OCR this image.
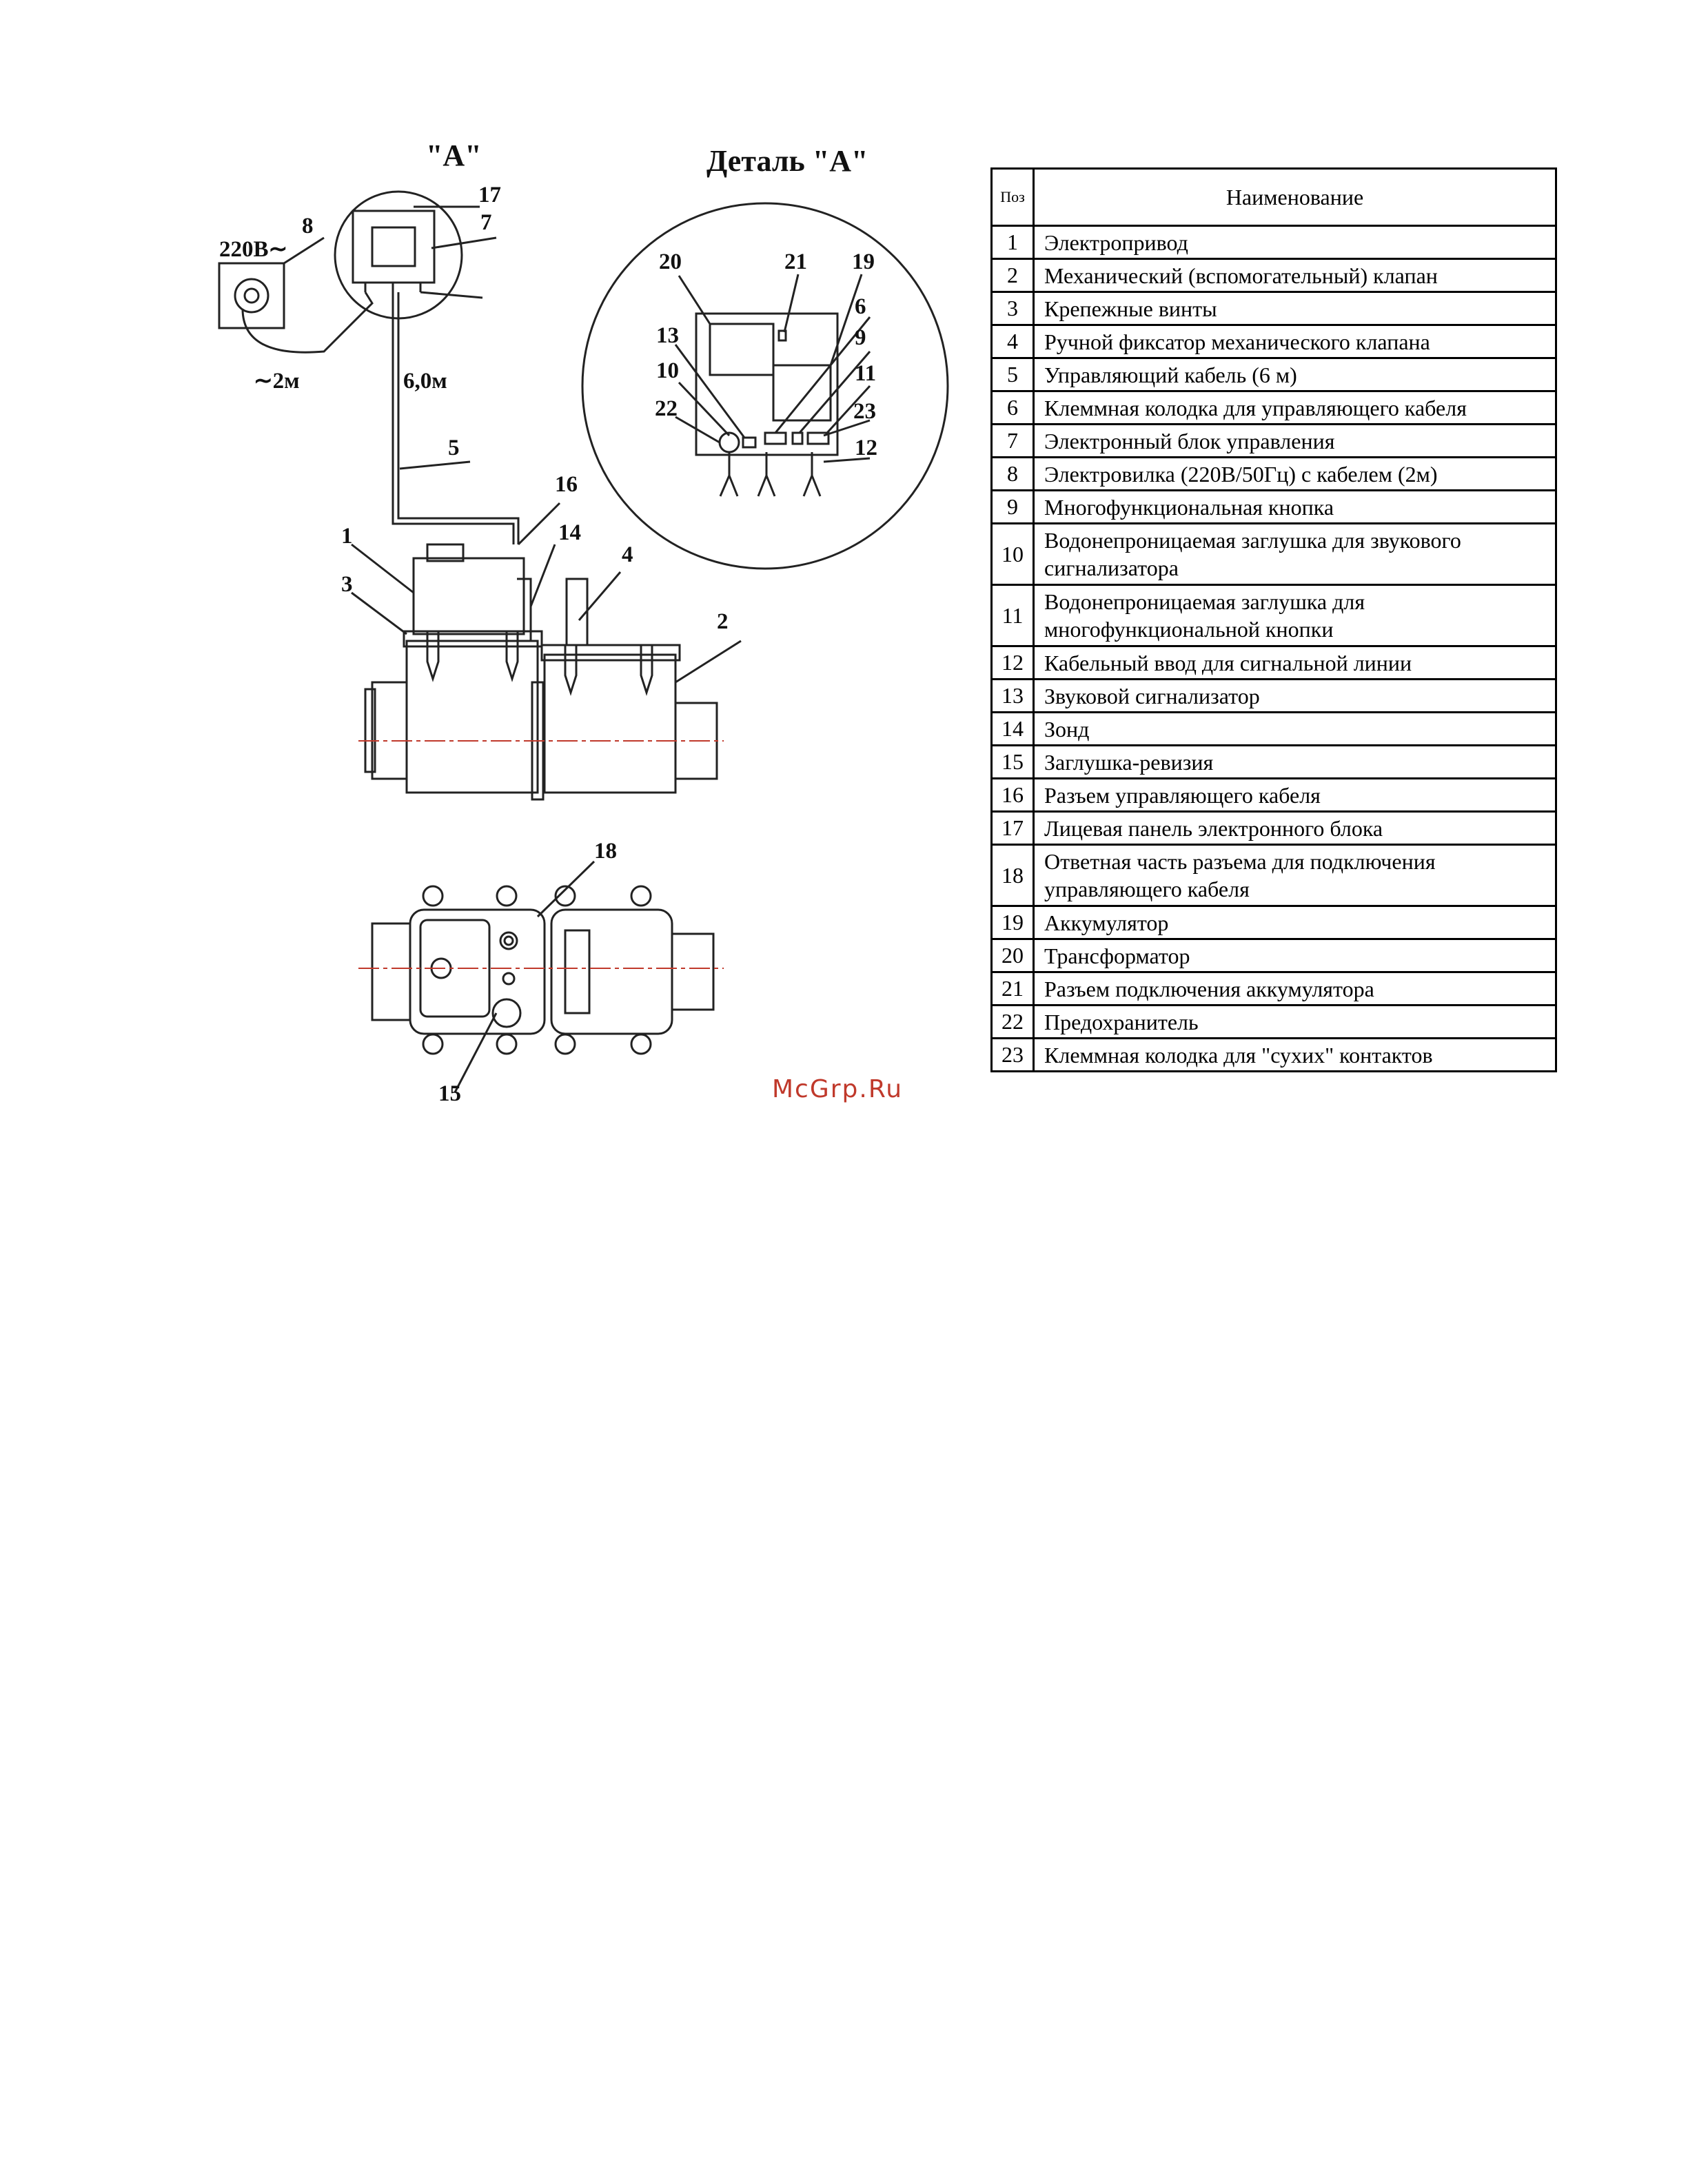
"A"	Деталь "A"
220В∼
∼2м	6,0м
8
17
7
5
16
1	14
4
3
2
20	21 19
6
13	9
10	11
22	23
12
18
15	McGrp.Ru
Поз	Наименование
1	Электропривод
2	Механический (вспомогательный) клапан
3	Крепежные винты
4	Ручной фиксатор механического клапана
5	Управляющий кабель (6 м)
6	Клеммная колодка для управляющего кабеля
7	Электронный блок управления
8	Электровилка (220В/50Гц) с кабелем (2м)
9	Многофункциональная кнопка
10	Водонепроницаемая заглушка для звукового сигнализатора
11	Водонепроницаемая заглушка для многофункциональной кнопки
12	Кабельный ввод для сигнальной линии
13	Звуковой сигнализатор
14	Зонд
15	Заглушка-ревизия
16	Разъем управляющего кабеля
17	Лицевая панель электронного блока
18	Ответная часть разъема для подключения управляющего кабеля
19	Аккумулятор
20	Трансформатор
21	Разъем подключения аккумулятора
22	Предохранитель
23	Клеммная колодка для "сухих" контактов
